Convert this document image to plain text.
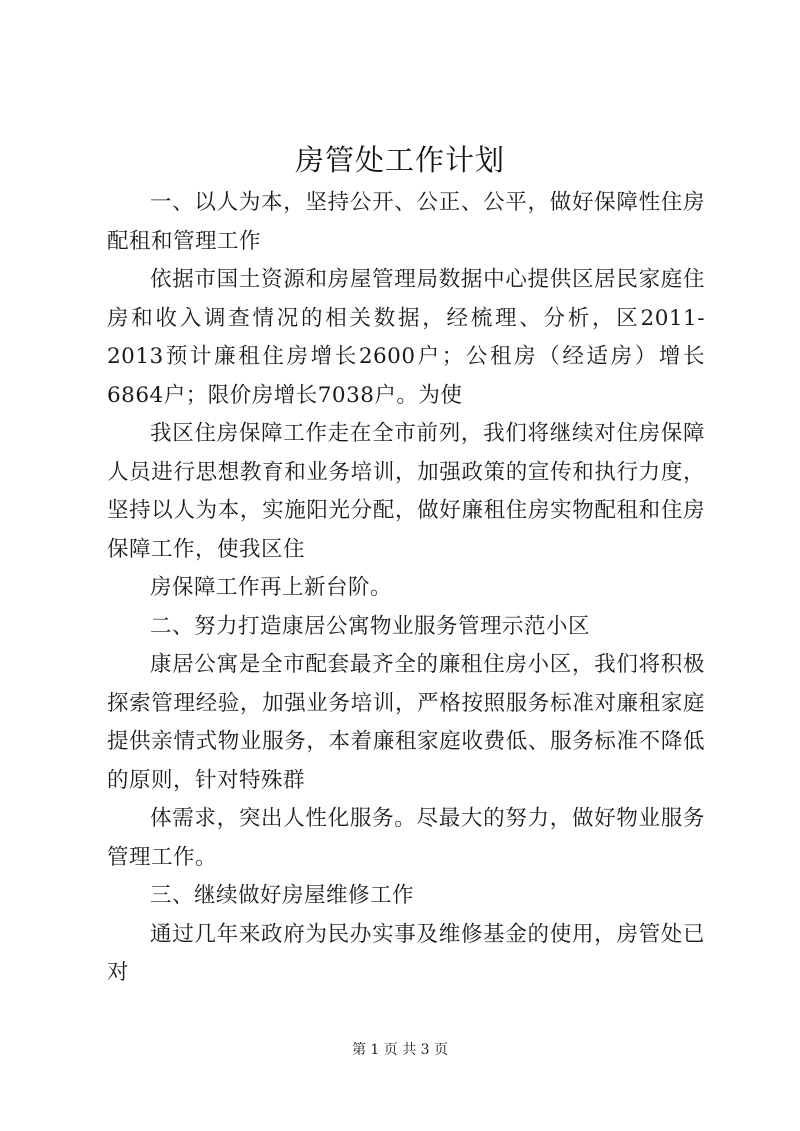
房管处工作计划

一、以人为本，坚持公开、公正、公平，做好保障性住房配租和管理工作

依据市国土资源和房屋管理局数据中心提供区居民家庭住房和收入调查情况的相关数据，经梳理、分析，区2011-2013预计廉租住房增长2600户；公租房（经适房）增长6864户；限价房增长7038户。为使

我区住房保障工作走在全市前列，我们将继续对住房保障人员进行思想教育和业务培训，加强政策的宣传和执行力度，坚持以人为本，实施阳光分配，做好廉租住房实物配租和住房保障工作，使我区住

房保障工作再上新台阶。

二、努力打造康居公寓物业服务管理示范小区

康居公寓是全市配套最齐全的廉租住房小区，我们将积极探索管理经验，加强业务培训，严格按照服务标准对廉租家庭提供亲情式物业服务，本着廉租家庭收费低、服务标准不降低的原则，针对特殊群

体需求，突出人性化服务。尽最大的努力，做好物业服务管理工作。

三、继续做好房屋维修工作

通过几年来政府为民办实事及维修基金的使用，房管处已对

第 1 页 共 3 页
